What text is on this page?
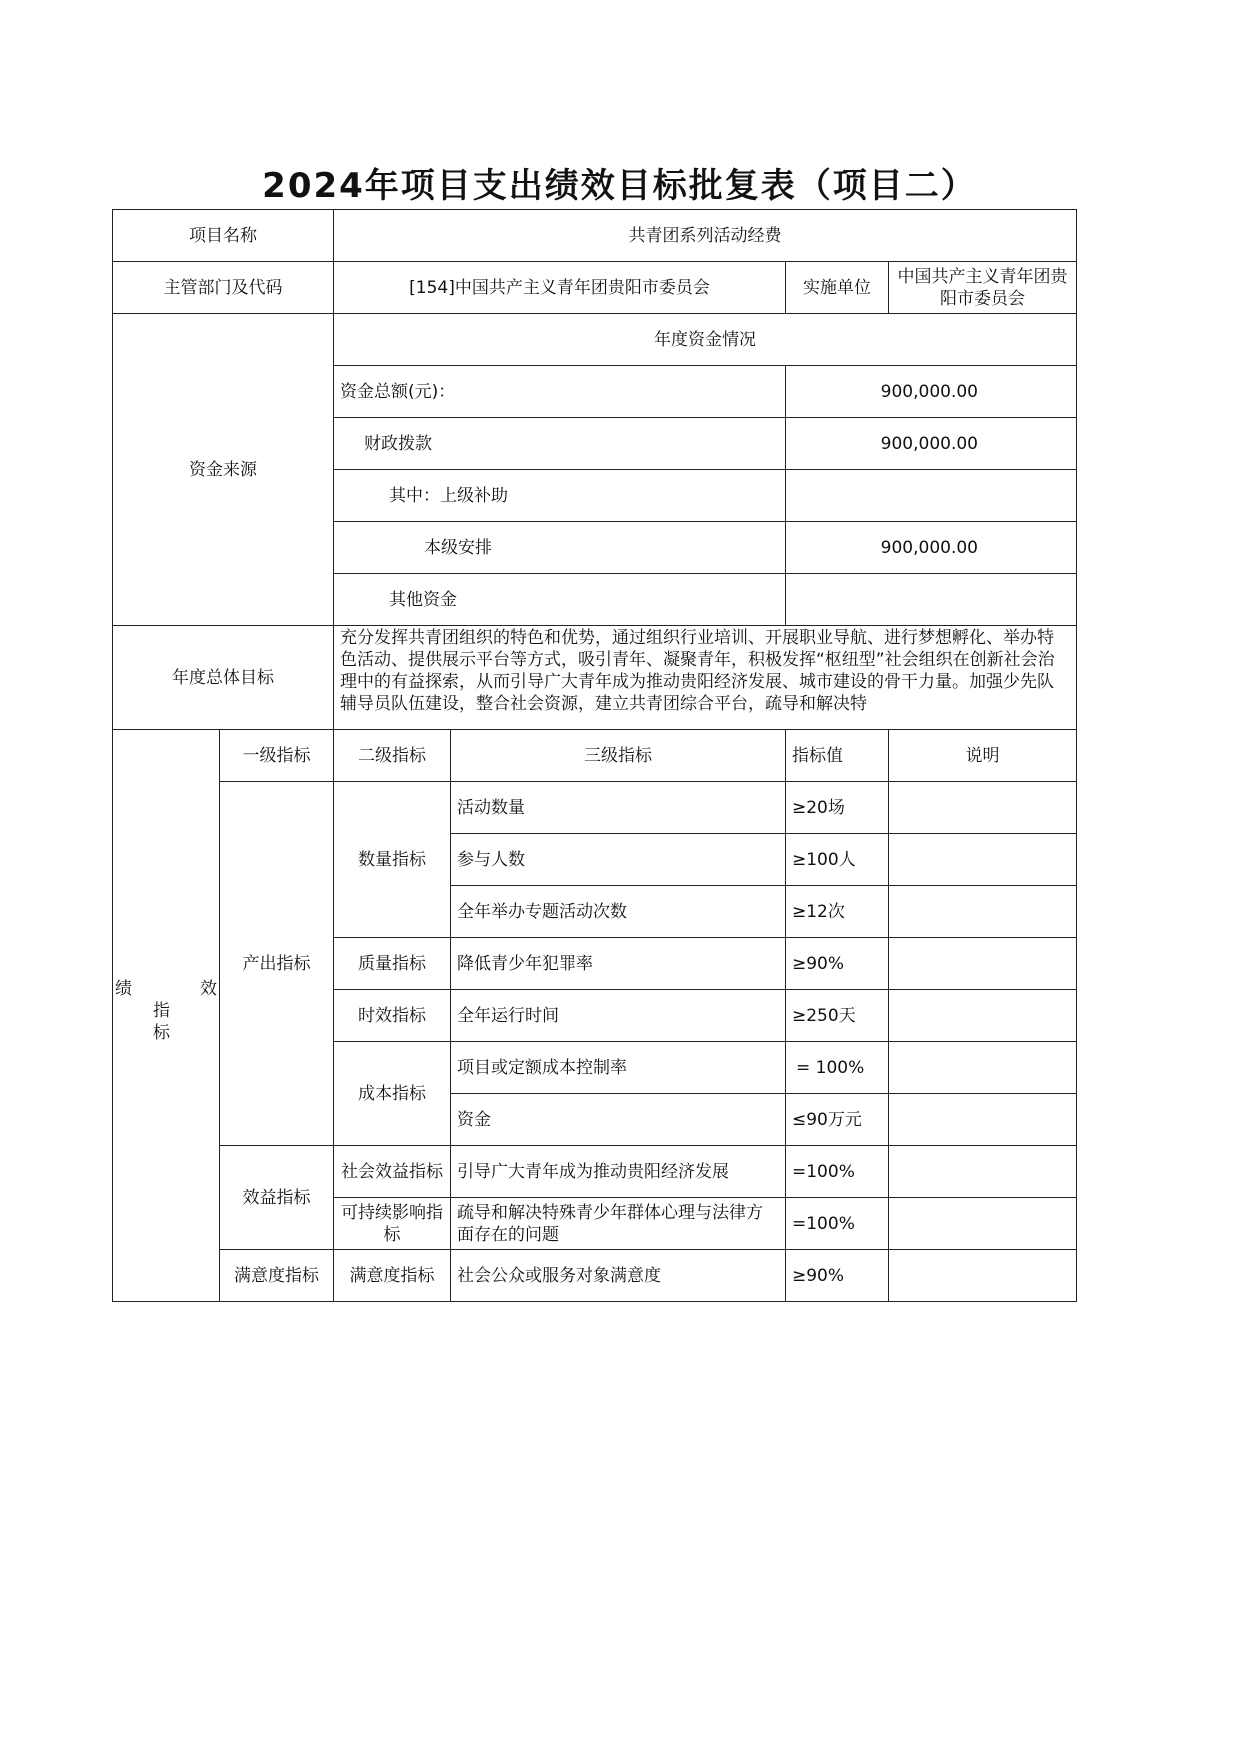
2024年项目支出绩效目标批复表（项目二）
项目名称		共青团系列活动经费			
主管部门及代码		[154]中国共产主义青年团贵阳市委员会		实施单位	中国共产主义青年团贵阳市委员会
资金来源		年度资金情况			
		资金总额(元)：		900,000.00	
		财政拨款		900,000.00	
		其中：上级补助			
		本级安排		900,000.00	
		其他资金			
年度总体目标		充分发挥共青团组织的特色和优势，通过组织行业培训、开展职业导航、进行梦想孵化、举办特色活动、提供展示平台等方式，吸引青年、凝聚青年，积极发挥“枢纽型”社会组织在创新社会治理中的有益探索，从而引导广大青年成为推动贵阳经济发展、城市建设的骨干力量。加强少先队辅导员队伍建设，整合社会资源，建立共青团综合平台，疏导和解决特			

绩 效
指
标	一级指标	二级指标	三级指标	指标值	说明
	产出指标	数量指标	活动数量	≥20场	
			参与人数	≥100人	
			全年举办专题活动次数	≥12次	
		质量指标	降低青少年犯罪率	≥90%	
		时效指标	全年运行时间	≥250天	
		成本指标	项目或定额成本控制率	= 100%	
			资金	≤90万元	
	效益指标	社会效益指标	引导广大青年成为推动贵阳经济发展	=100%	
		可持续影响指标	疏导和解决特殊青少年群体心理与法律方面存在的问题	=100%	
	满意度指标	满意度指标	社会公众或服务对象满意度	≥90%	
